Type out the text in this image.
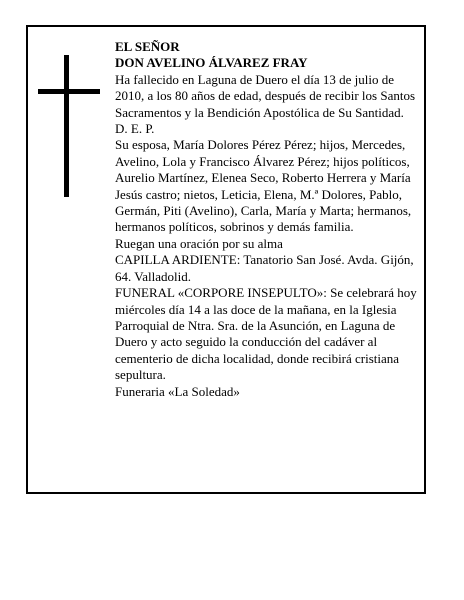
EL SEÑOR

DON AVELINO ÁLVAREZ FRAY

Ha fallecido en Laguna de Duero el día 13 de julio de 2010, a los 80 años de edad, después de recibir los Santos Sacramentos y la Bendición Apostólica de Su Santidad.

D. E. P.

Su esposa, María Dolores Pérez Pérez; hijos, Mercedes, Avelino, Lola y Francisco Álvarez Pérez; hijos políticos, Aurelio Martínez, Elenea Seco, Roberto Herrera y María Jesús castro; nietos, Leticia, Elena, M.ª Dolores, Pablo, Germán, Piti (Avelino), Carla, María y Marta; hermanos, hermanos políticos, sobrinos y demás familia.

Ruegan una oración por su alma

CAPILLA ARDIENTE: Tanatorio San José. Avda. Gijón, 64. Valladolid.

FUNERAL «CORPORE INSEPULTO»: Se celebrará hoy miércoles día 14 a las doce de la mañana, en la Iglesia Parroquial de Ntra. Sra. de la Asunción, en Laguna de Duero y acto seguido la conducción del cadáver al cementerio de dicha localidad, donde recibirá cristiana sepultura.

Funeraria «La Soledad»
